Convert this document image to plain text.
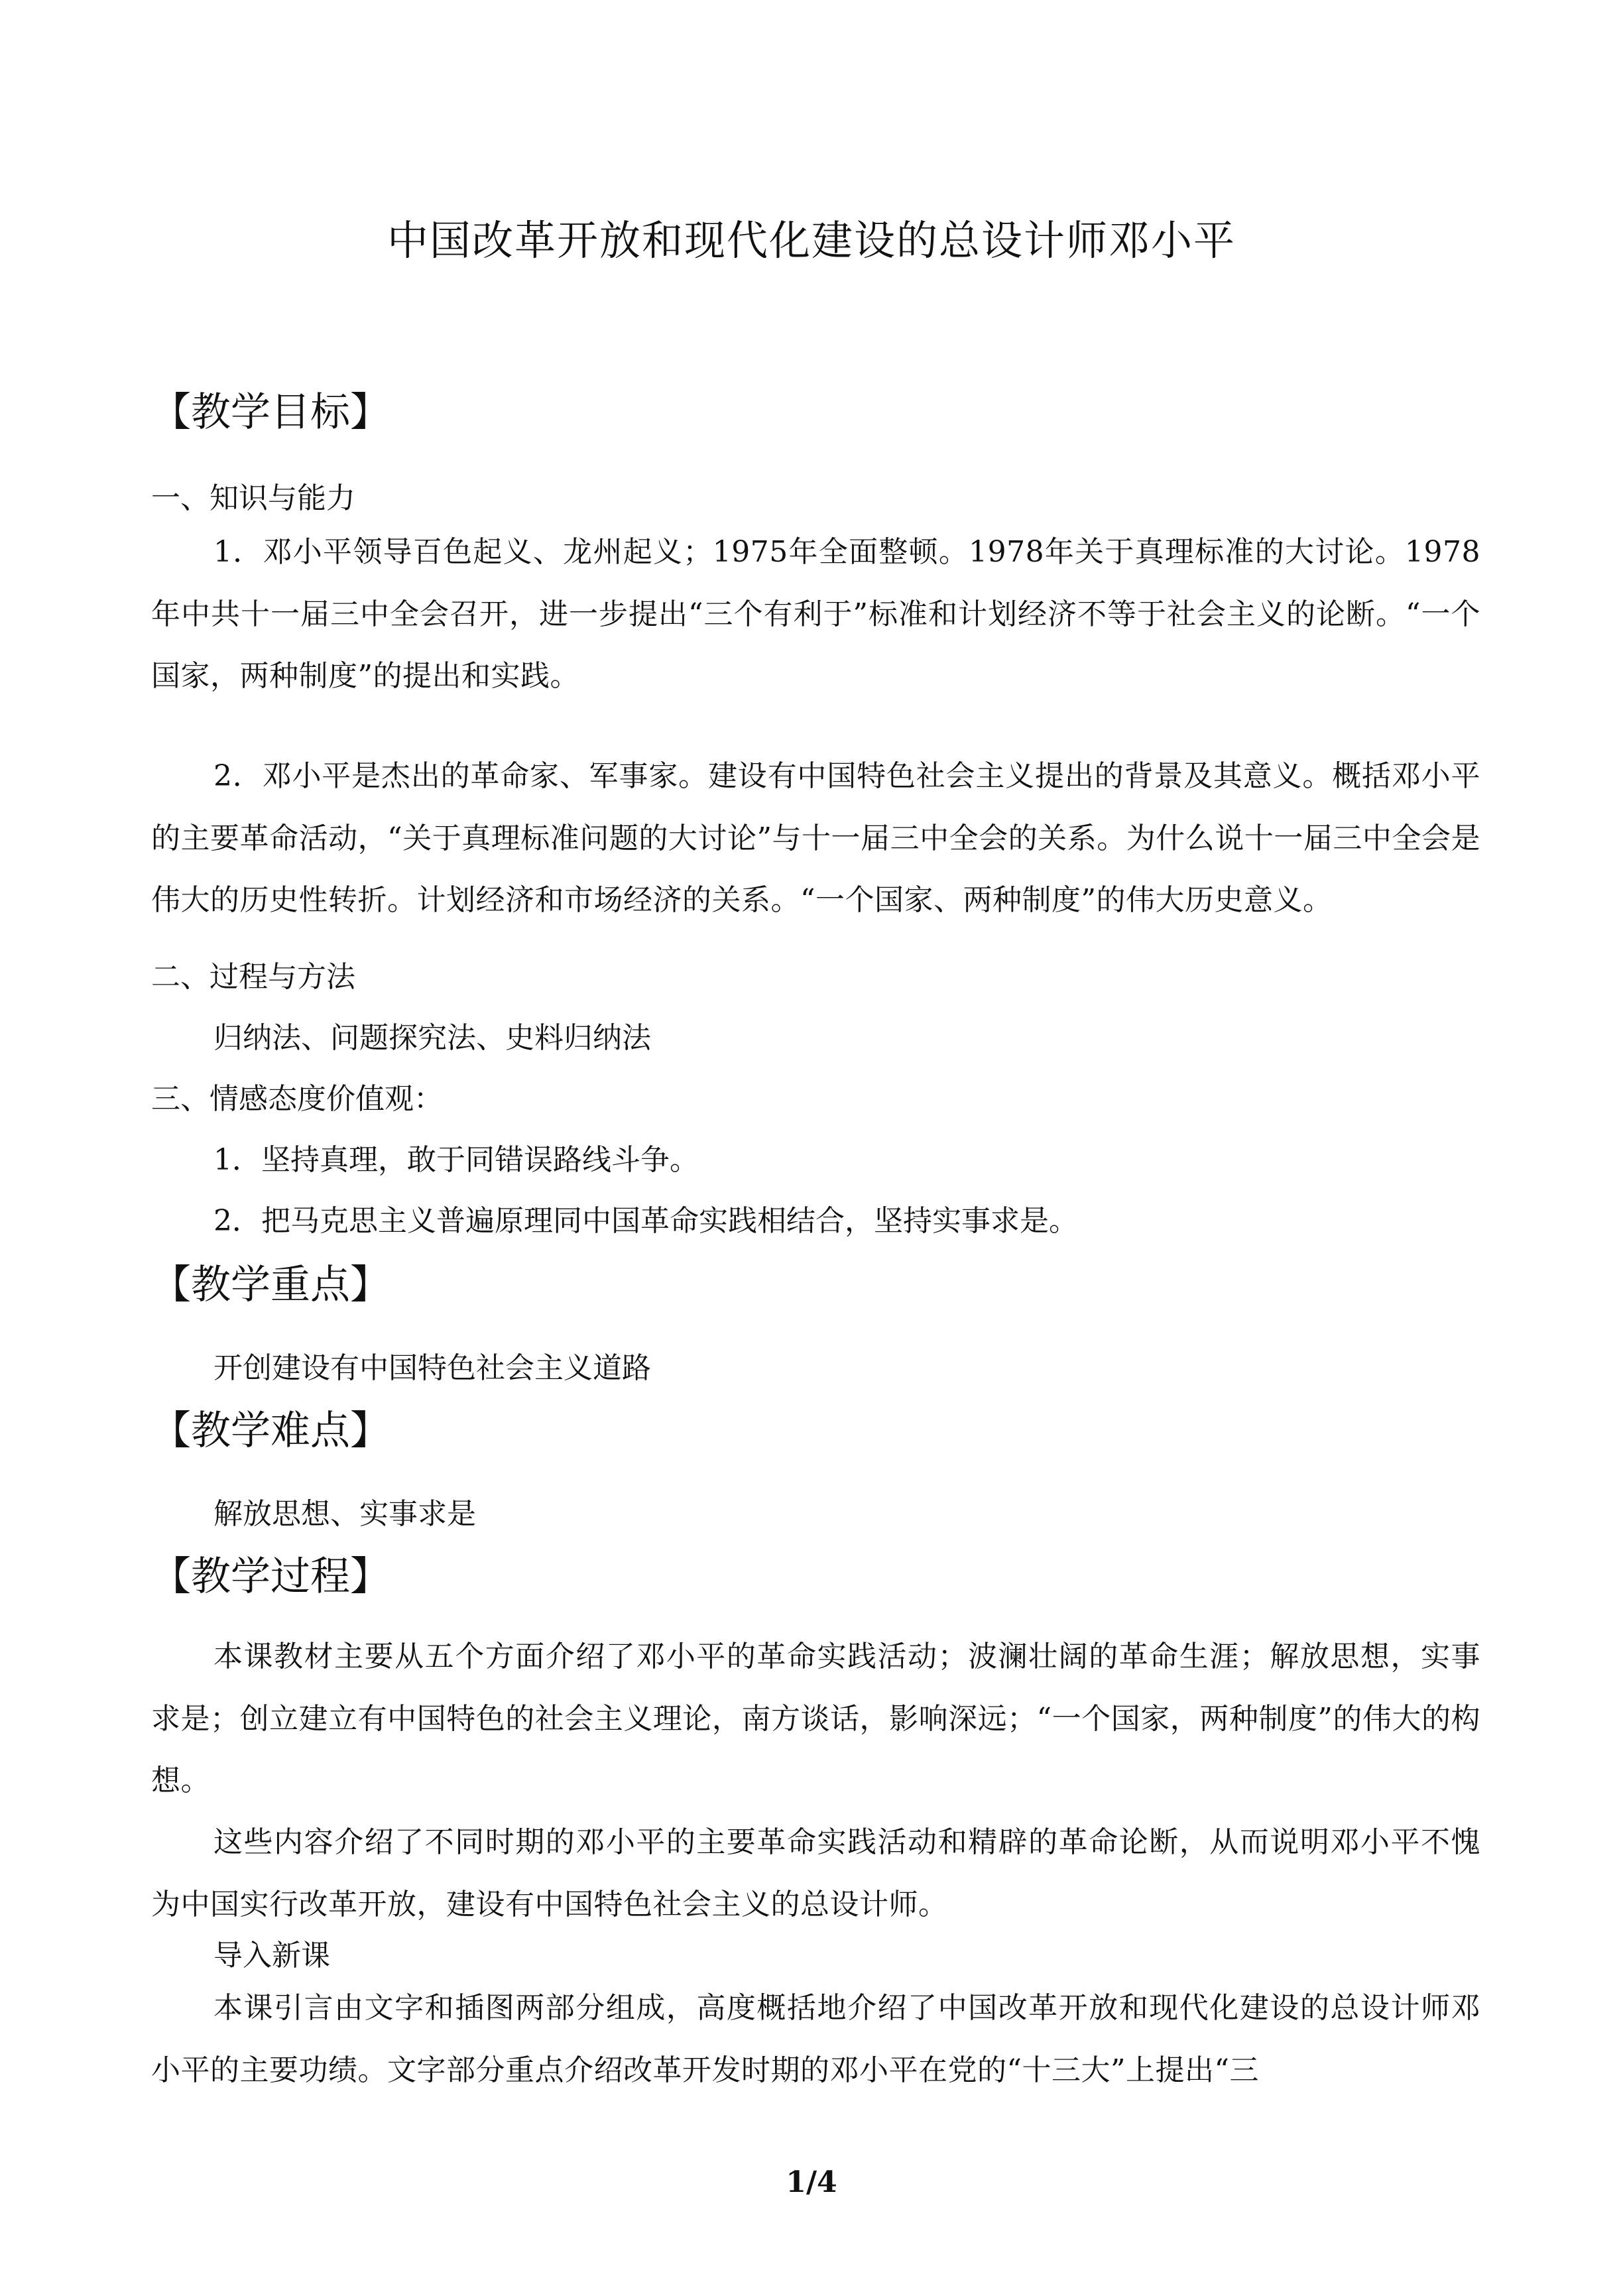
中国改革开放和现代化建设的总设计师邓小平
【教学目标】
一、知识与能力
1．邓小平领导百色起义、龙州起义；1975年全面整顿。1978年关于真理标准的大讨论。1978年中共十一届三中全会召开，进一步提出“三个有利于”标准和计划经济不等于社会主义的论断。“一个国家，两种制度”的提出和实践。
2．邓小平是杰出的革命家、军事家。建设有中国特色社会主义提出的背景及其意义。概括邓小平的主要革命活动，“关于真理标准问题的大讨论”与十一届三中全会的关系。为什么说十一届三中全会是伟大的历史性转折。计划经济和市场经济的关系。“一个国家、两种制度”的伟大历史意义。
二、过程与方法
归纳法、问题探究法、史料归纳法
三、情感态度价值观：
1．坚持真理，敢于同错误路线斗争。
2．把马克思主义普遍原理同中国革命实践相结合，坚持实事求是。
【教学重点】
开创建设有中国特色社会主义道路
【教学难点】
解放思想、实事求是
【教学过程】
本课教材主要从五个方面介绍了邓小平的革命实践活动；波澜壮阔的革命生涯；解放思想，实事求是；创立建立有中国特色的社会主义理论，南方谈话，影响深远；“一个国家，两种制度”的伟大的构想。
这些内容介绍了不同时期的邓小平的主要革命实践活动和精辟的革命论断，从而说明邓小平不愧为中国实行改革开放，建设有中国特色社会主义的总设计师。
导入新课
本课引言由文字和插图两部分组成，高度概括地介绍了中国改革开放和现代化建设的总设计师邓小平的主要功绩。文字部分重点介绍改革开发时期的邓小平在党的“十三大”上提出“三
1/4
